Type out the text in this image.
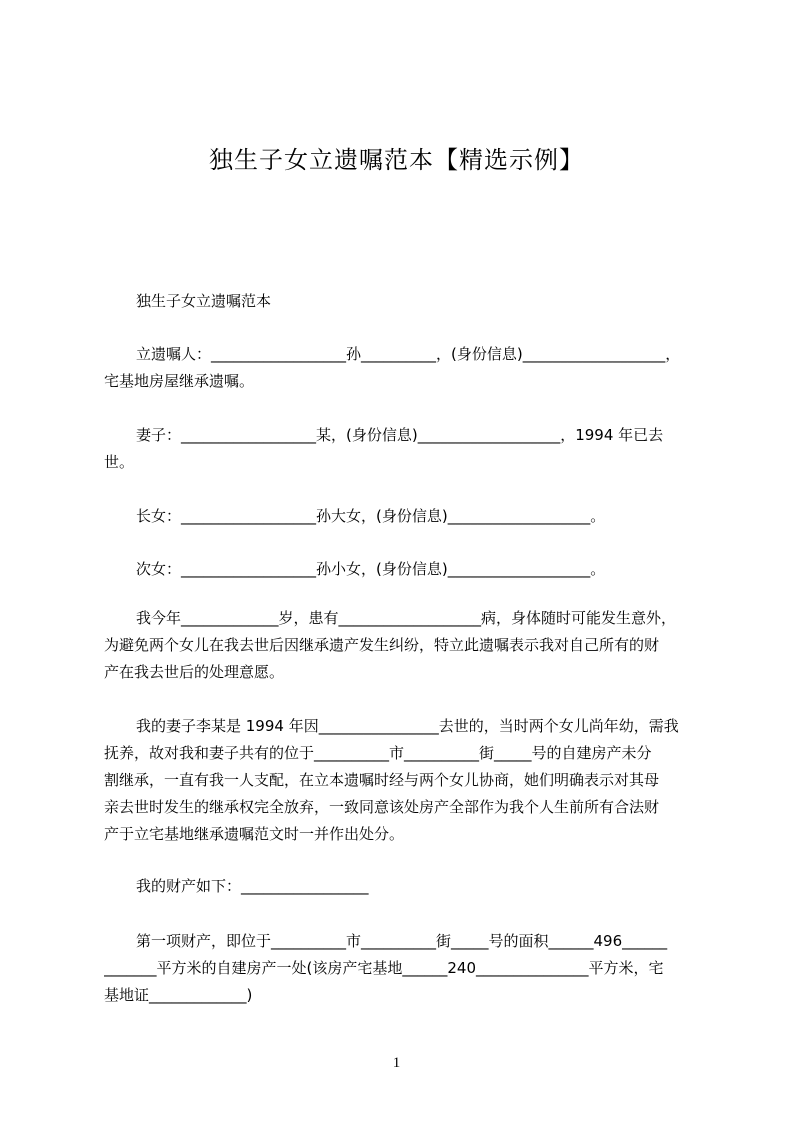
独生子女立遗嘱范本【精选示例】
独生子女立遗嘱范本
立遗嘱人：__________________孙__________，(身份信息)___________________，
宅基地房屋继承遗嘱。
妻子：__________________某，(身份信息)___________________，1994 年已去
世。
长女：__________________孙大女，(身份信息)___________________。
次女：__________________孙小女，(身份信息)___________________。
我今年_____________岁，患有___________________病，身体随时可能发生意外，
为避免两个女儿在我去世后因继承遗产发生纠纷，特立此遗嘱表示我对自己所有的财
产在我去世后的处理意愿。
我的妻子李某是 1994 年因________________去世的，当时两个女儿尚年幼，需我
抚养，故对我和妻子共有的位于__________市__________街_____号的自建房产未分
割继承，一直有我一人支配，在立本遗嘱时经与两个女儿协商，她们明确表示对其母
亲去世时发生的继承权完全放弃，一致同意该处房产全部作为我个人生前所有合法财
产于立宅基地继承遗嘱范文时一并作出处分。
我的财产如下：_________________
第一项财产，即位于__________市__________街_____号的面积______496______
_______平方米的自建房产一处(该房产宅基地______240_______________平方米，宅
基地证_____________)
1
